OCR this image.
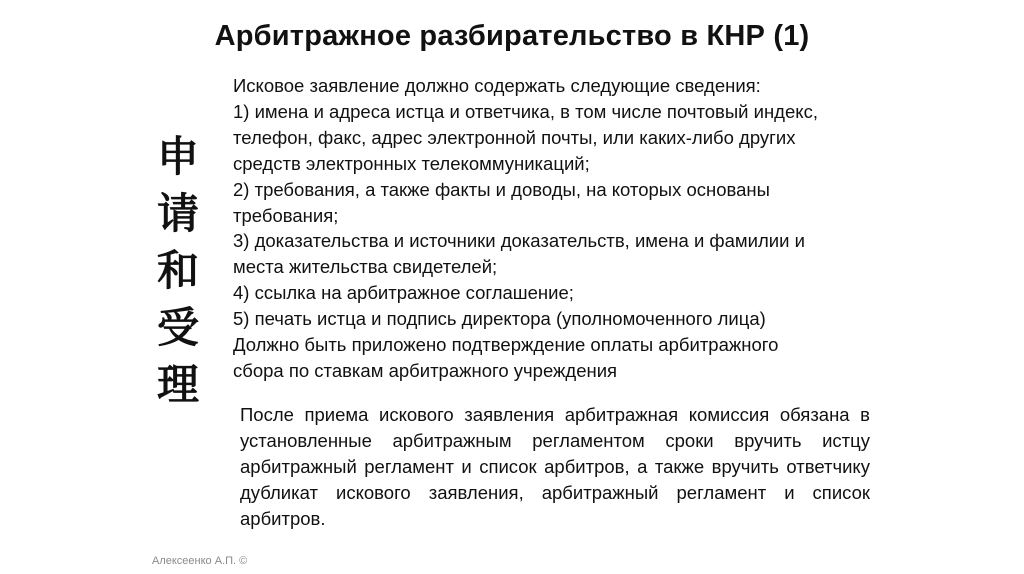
Арбитражное разбирательство в КНР (1)
申
请
和
受
理
Исковое заявление должно содержать следующие сведения:
1) имена и адреса истца и ответчика, в том числе почтовый индекс,
телефон, факс, адрес электронной почты, или каких-либо других
средств электронных телекоммуникаций;
2) требования, а также факты и доводы, на которых основаны
требования;
3) доказательства и источники доказательств, имена и фамилии и
места жительства свидетелей;
4) ссылка на арбитражное соглашение;
5) печать истца и подпись директора (уполномоченного лица)
Должно быть приложено подтверждение оплаты арбитражного
сбора по ставкам арбитражного учреждения
После приема искового заявления арбитражная комиссия обязана в установленные арбитражным регламентом сроки вручить истцу арбитражный регламент и список арбитров, а также вручить ответчику дубликат искового заявления, арбитражный регламент и список арбитров.
Алексеенко А.П. ©
